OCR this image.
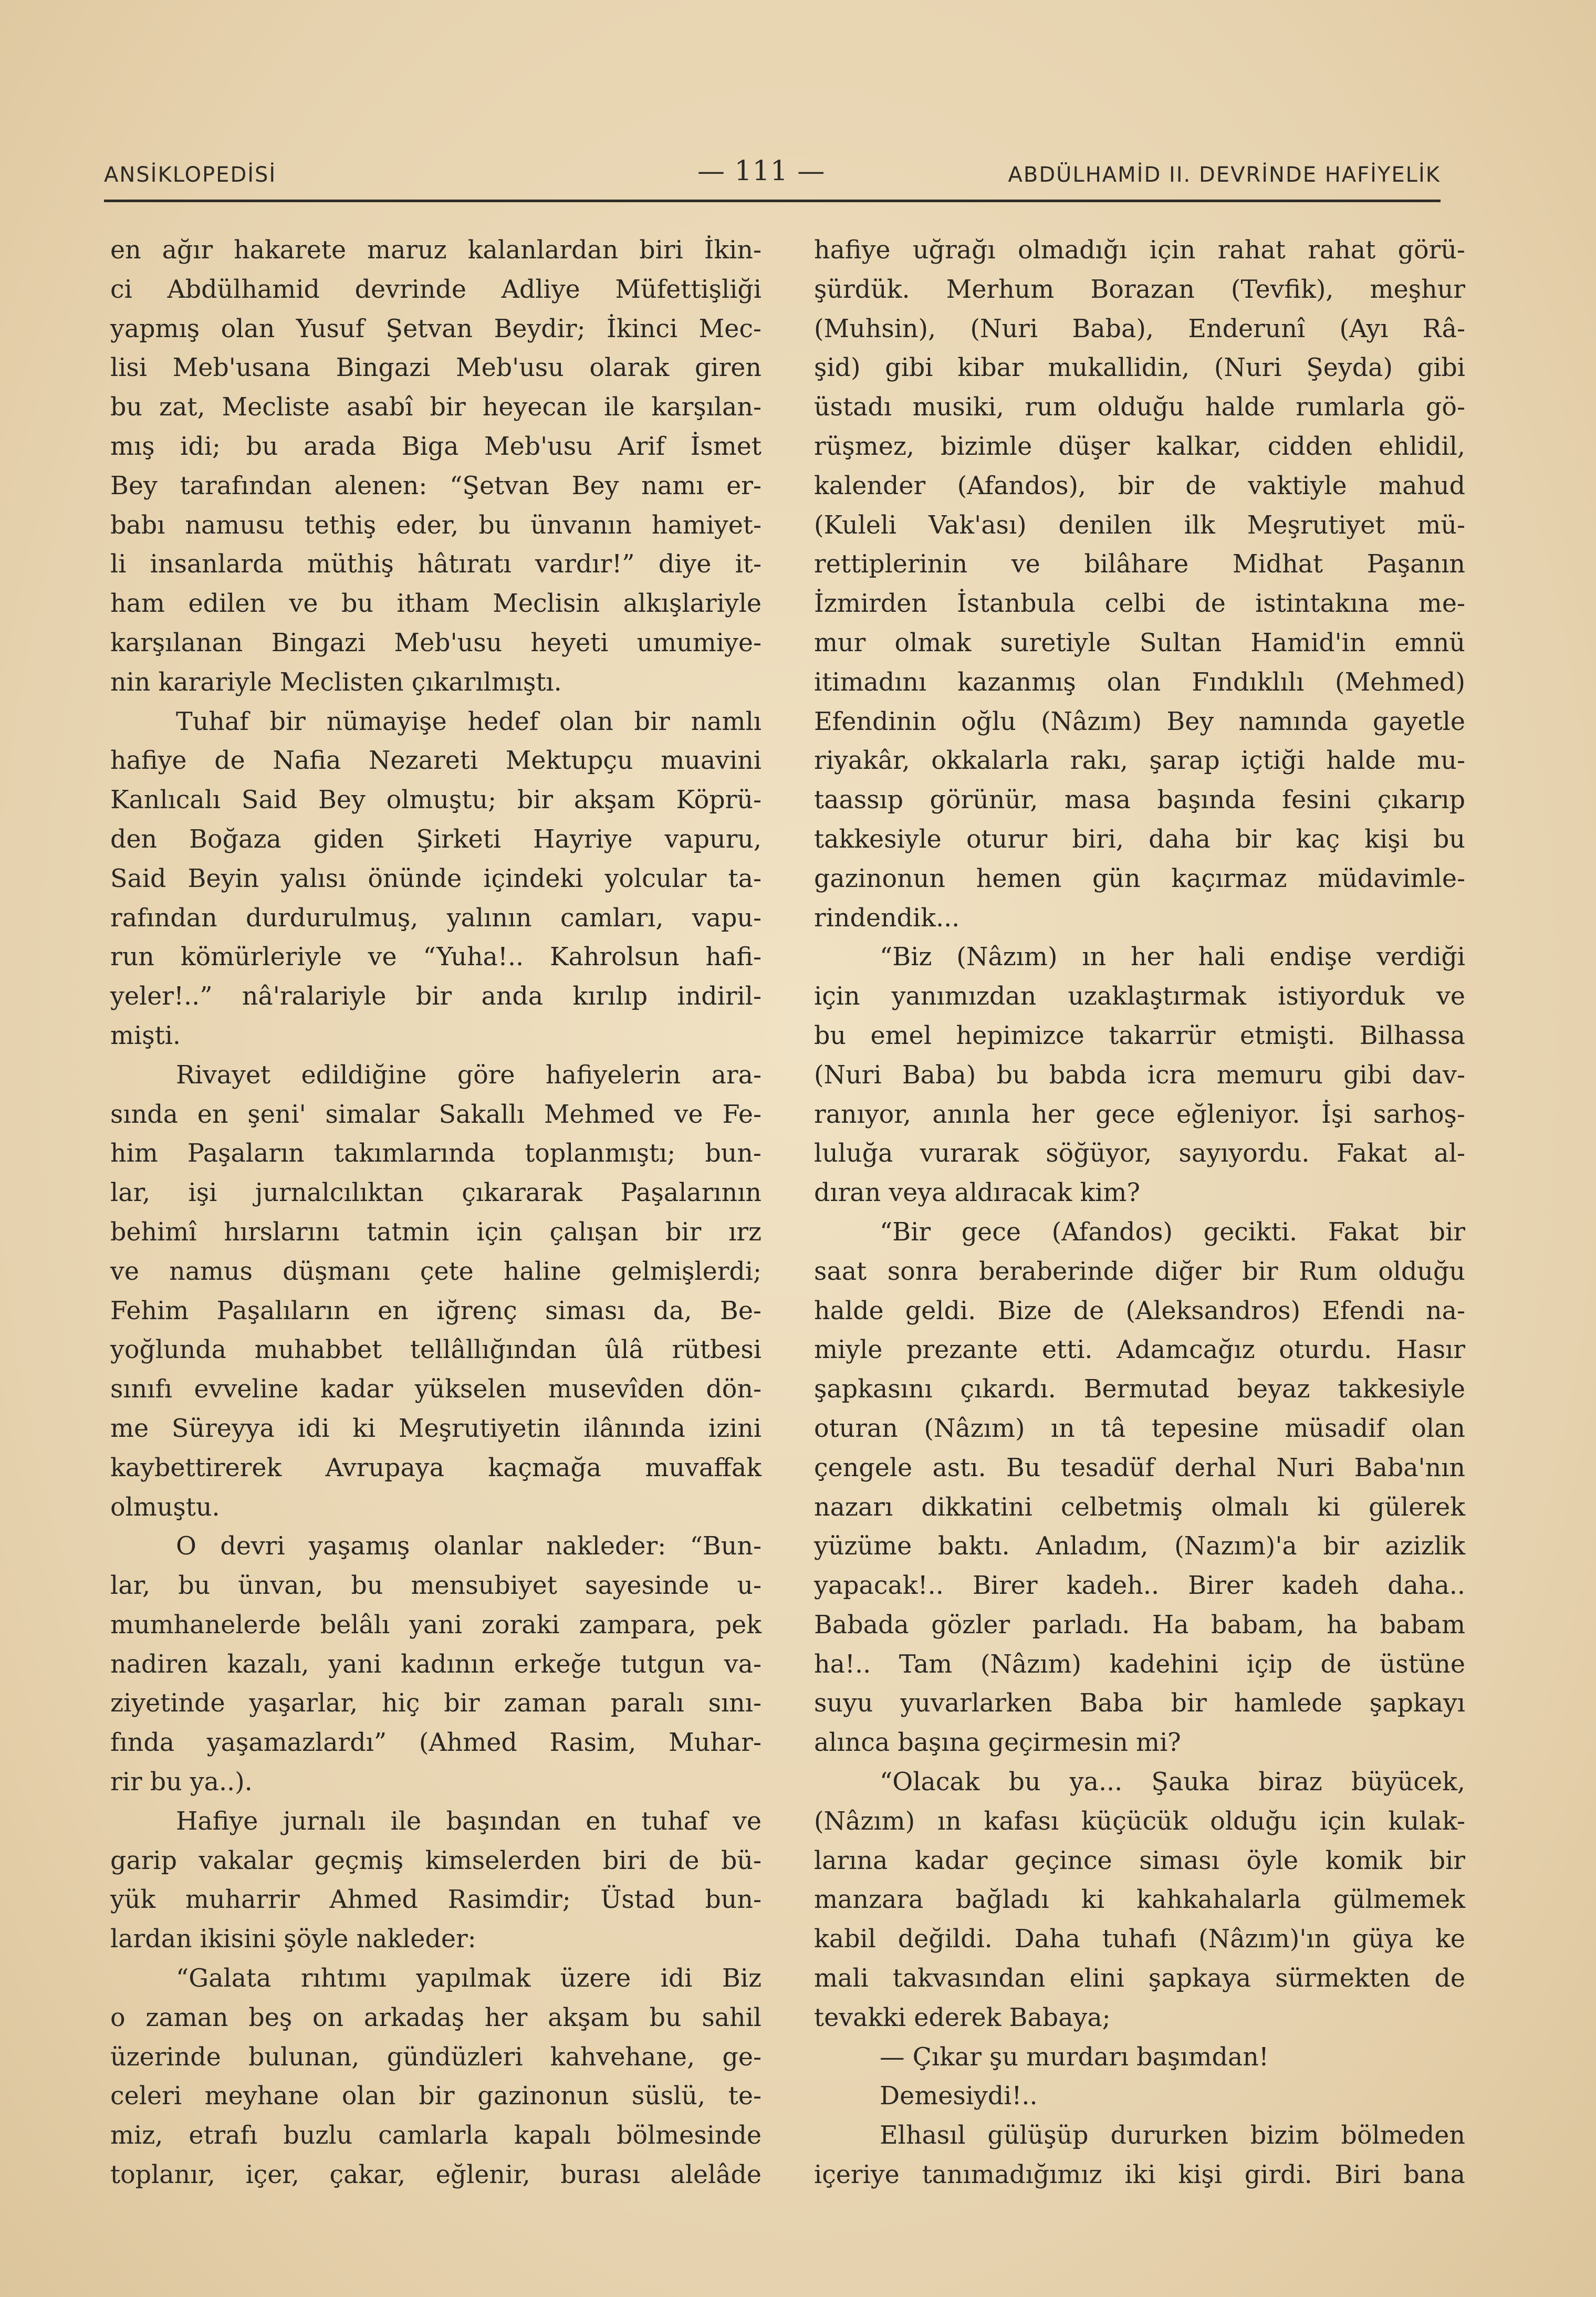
ANSİKLOPEDİSİ	— 111 —	ABDÜLHAMİD II. DEVRİNDE HAFİYELİK
en ağır hakarete maruz kalanlardan biri İkin-
ci Abdülhamid devrinde Adliye Müfettişliği
yapmış olan Yusuf Şetvan Beydir; İkinci Mec-
lisi Meb'usana Bingazi Meb'usu olarak giren
bu zat, Mecliste asabî bir heyecan ile karşılan-
mış idi; bu arada Biga Meb'usu Arif İsmet
Bey tarafından alenen: “Şetvan Bey namı er-
babı namusu tethiş eder, bu ünvanın hamiyet-
li insanlarda müthiş hâtıratı vardır!” diye it-
ham edilen ve bu itham Meclisin alkışlariyle
karşılanan Bingazi Meb'usu heyeti umumiye-
nin karariyle Meclisten çıkarılmıştı.
Tuhaf bir nümayişe hedef olan bir namlı
hafiye de Nafia Nezareti Mektupçu muavini
Kanlıcalı Said Bey olmuştu; bir akşam Köprü-
den Boğaza giden Şirketi Hayriye vapuru,
Said Beyin yalısı önünde içindeki yolcular ta-
rafından durdurulmuş, yalının camları, vapu-
run kömürleriyle ve “Yuha!.. Kahrolsun hafi-
yeler!..” nâ'ralariyle bir anda kırılıp indiril-
mişti.
Rivayet edildiğine göre hafiyelerin ara-
sında en şeni' simalar Sakallı Mehmed ve Fe-
him Paşaların takımlarında toplanmıştı; bun-
lar, işi jurnalcılıktan çıkararak Paşalarının
behimî hırslarını tatmin için çalışan bir ırz
ve namus düşmanı çete haline gelmişlerdi;
Fehim Paşalıların en iğrenç siması da, Be-
yoğlunda muhabbet tellâllığından ûlâ rütbesi
sınıfı evveline kadar yükselen musevîden dön-
me Süreyya idi ki Meşrutiyetin ilânında izini
kaybettirerek Avrupaya kaçmağa muvaffak
olmuştu.
O devri yaşamış olanlar nakleder: “Bun-
lar, bu ünvan, bu mensubiyet sayesinde u-
mumhanelerde belâlı yani zoraki zampara, pek
nadiren kazalı, yani kadının erkeğe tutgun va-
ziyetinde yaşarlar, hiç bir zaman paralı sını-
fında yaşamazlardı” (Ahmed Rasim, Muhar-
rir bu ya..).
Hafiye jurnalı ile başından en tuhaf ve
garip vakalar geçmiş kimselerden biri de bü-
yük muharrir Ahmed Rasimdir; Üstad bun-
lardan ikisini şöyle nakleder:
“Galata rıhtımı yapılmak üzere idi Biz
o zaman beş on arkadaş her akşam bu sahil
üzerinde bulunan, gündüzleri kahvehane, ge-
celeri meyhane olan bir gazinonun süslü, te-
miz, etrafı buzlu camlarla kapalı bölmesinde
toplanır, içer, çakar, eğlenir, burası alelâde
hafiye uğrağı olmadığı için rahat rahat görü-
şürdük. Merhum Borazan (Tevfik), meşhur
(Muhsin), (Nuri Baba), Enderunî (Ayı Râ-
şid) gibi kibar mukallidin, (Nuri Şeyda) gibi
üstadı musiki, rum olduğu halde rumlarla gö-
rüşmez, bizimle düşer kalkar, cidden ehlidil,
kalender (Afandos), bir de vaktiyle mahud
(Kuleli Vak'ası) denilen ilk Meşrutiyet mü-
rettiplerinin ve bilâhare Midhat Paşanın
İzmirden İstanbula celbi de istintakına me-
mur olmak suretiyle Sultan Hamid'in emnü
itimadını kazanmış olan Fındıklılı (Mehmed)
Efendinin oğlu (Nâzım) Bey namında gayetle
riyakâr, okkalarla rakı, şarap içtiği halde mu-
taassıp görünür, masa başında fesini çıkarıp
takkesiyle oturur biri, daha bir kaç kişi bu
gazinonun hemen gün kaçırmaz müdavimle-
rindendik...
“Biz (Nâzım) ın her hali endişe verdiği
için yanımızdan uzaklaştırmak istiyorduk ve
bu emel hepimizce takarrür etmişti. Bilhassa
(Nuri Baba) bu babda icra memuru gibi dav-
ranıyor, anınla her gece eğleniyor. İşi sarhoş-
luluğa vurarak söğüyor, sayıyordu. Fakat al-
dıran veya aldıracak kim?
“Bir gece (Afandos) gecikti. Fakat bir
saat sonra beraberinde diğer bir Rum olduğu
halde geldi. Bize de (Aleksandros) Efendi na-
miyle prezante etti. Adamcağız oturdu. Hasır
şapkasını çıkardı. Bermutad beyaz takkesiyle
oturan (Nâzım) ın tâ tepesine müsadif olan
çengele astı. Bu tesadüf derhal Nuri Baba'nın
nazarı dikkatini celbetmiş olmalı ki gülerek
yüzüme baktı. Anladım, (Nazım)'a bir azizlik
yapacak!.. Birer kadeh.. Birer kadeh daha..
Babada gözler parladı. Ha babam, ha babam
ha!.. Tam (Nâzım) kadehini içip de üstüne
suyu yuvarlarken Baba bir hamlede şapkayı
alınca başına geçirmesin mi?
“Olacak bu ya... Şauka biraz büyücek,
(Nâzım) ın kafası küçücük olduğu için kulak-
larına kadar geçince siması öyle komik bir
manzara bağladı ki kahkahalarla gülmemek
kabil değildi. Daha tuhafı (Nâzım)'ın güya ke
mali takvasından elini şapkaya sürmekten de
tevakki ederek Babaya;
— Çıkar şu murdarı başımdan!
Demesiydi!..
Elhasıl gülüşüp dururken bizim bölmeden
içeriye tanımadığımız iki kişi girdi. Biri bana
